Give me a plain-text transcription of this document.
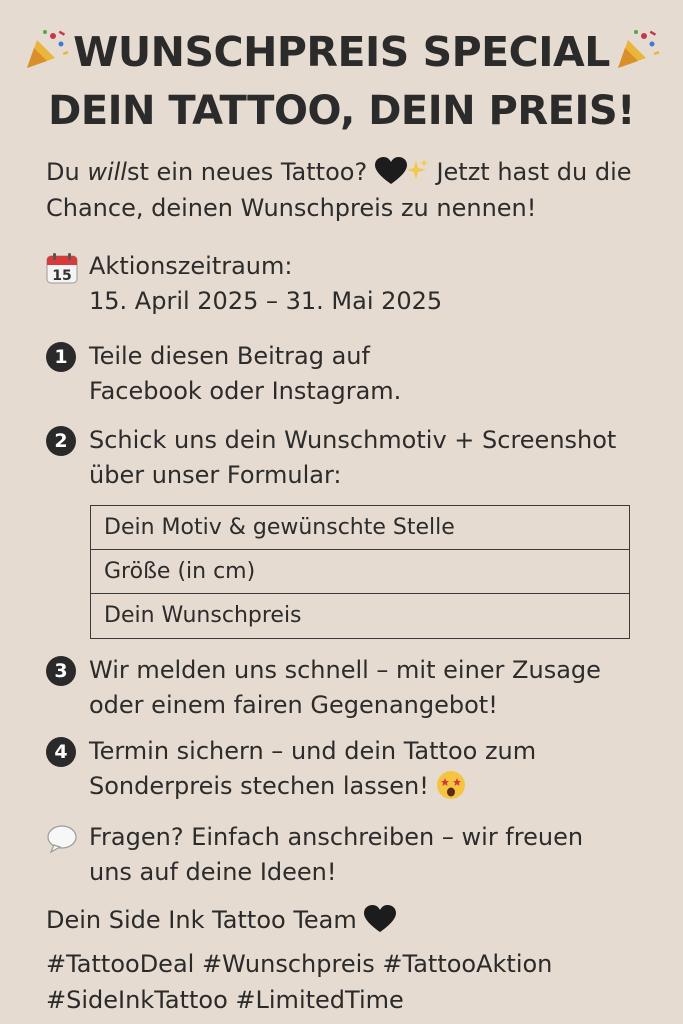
WUNSCHPREIS SPECIAL
DEIN TATTOO, DEIN PREIS!
Du willst ein neues Tattoo?  Jetzt hast du die Chance, deinen Wunschpreis zu nennen!
15 Aktionszeitraum:
15. April 2025 – 31. Mai 2025
1 Teile diesen Beitrag auf Facebook oder Instagram.
2 Schick uns dein Wunschmotiv + Screenshot über unser Formular:
Dein Motiv & gewünschte Stelle
Größe (in cm)
Dein Wunschpreis
3 Wir melden uns schnell – mit einer Zusage oder einem fairen Gegenangebot!
4 Termin sichern – und dein Tattoo zum Sonderpreis stechen lassen!
Fragen? Einfach anschreiben – wir freuen uns auf deine Ideen!
Dein Side Ink Tattoo Team
#TattooDeal #Wunschpreis #TattooAktion #SideInkTattoo #LimitedTime
